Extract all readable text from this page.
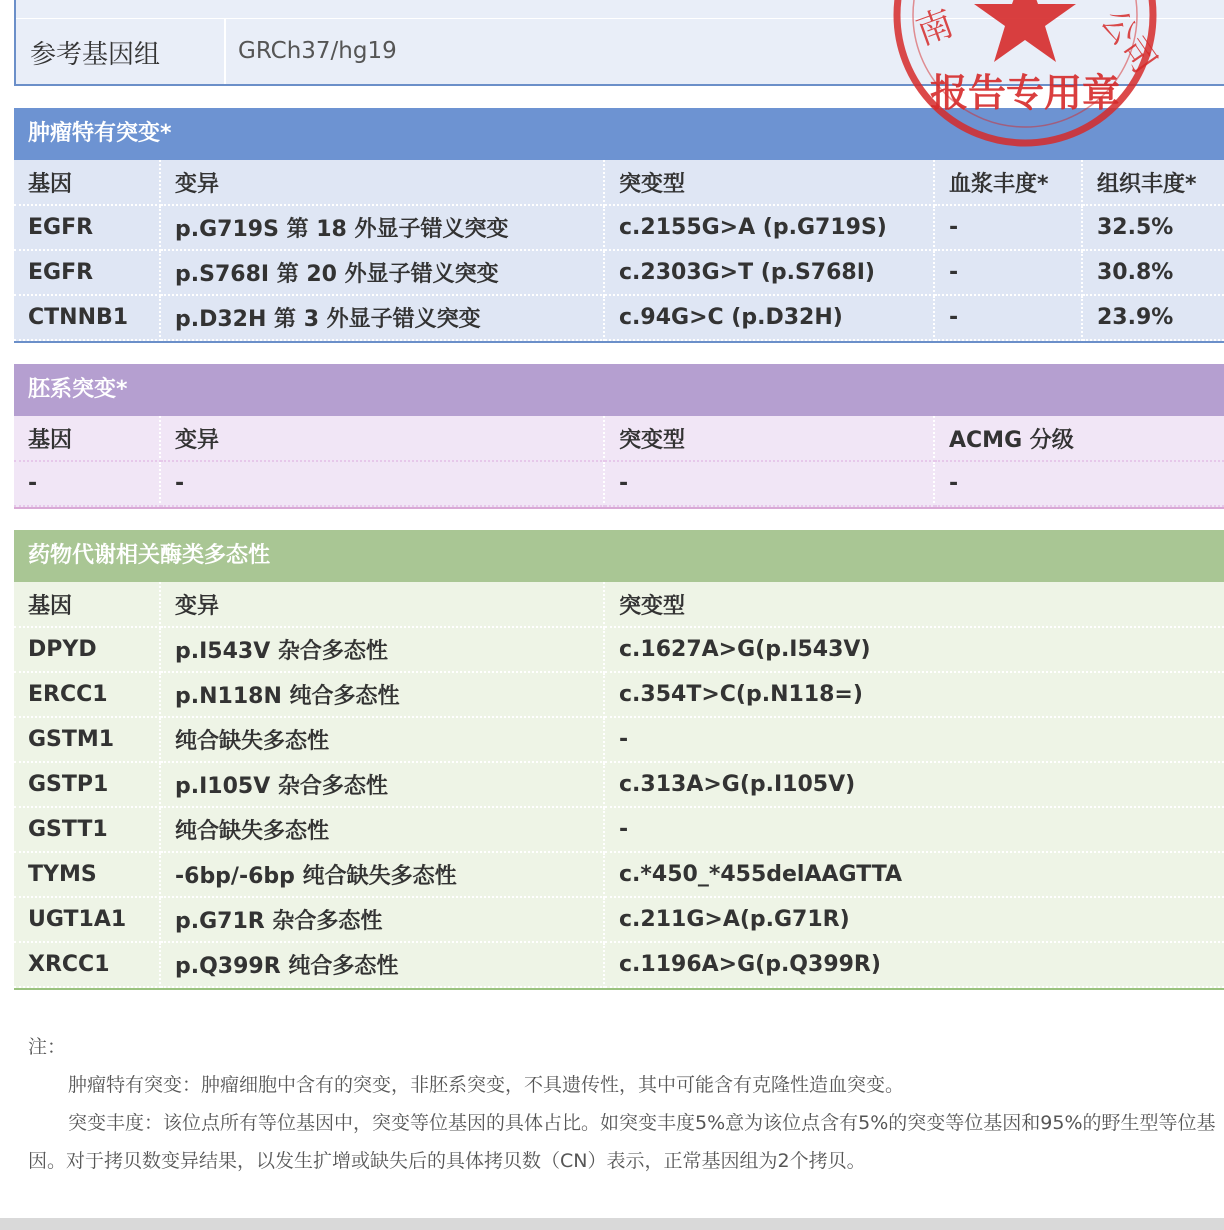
参考基因组	GRCh37/hg19
肿瘤特有突变*
基因	变异	突变型	血浆丰度*	组织丰度*
EGFR	p.G719S 第 18 外显子错义突变	c.2155G>A (p.G719S)	-	32.5%
EGFR	p.S768I 第 20 外显子错义突变	c.2303G>T (p.S768I)	-	30.8%
CTNNB1	p.D32H 第 3 外显子错义突变	c.94G>C (p.D32H)	-	23.9%
胚系突变*
基因	变异	突变型	ACMG 分级
-	-	-	-
药物代谢相关酶类多态性
基因	变异	突变型
DPYD	p.I543V 杂合多态性	c.1627A>G(p.I543V)
ERCC1	p.N118N 纯合多态性	c.354T>C(p.N118=)
GSTM1	纯合缺失多态性	-
GSTP1	p.I105V 杂合多态性	c.313A>G(p.I105V)
GSTT1	纯合缺失多态性	-
TYMS	-6bp/-6bp 纯合缺失多态性	c.*450_*455delAAGTTA
UGT1A1	p.G71R 杂合多态性	c.211G>A(p.G71R)
XRCC1	p.Q399R 纯合多态性	c.1196A>G(p.Q399R)
注：
肿瘤特有突变：肿瘤细胞中含有的突变，非胚系突变，不具遗传性，其中可能含有克隆性造血突变。
突变丰度：该位点所有等位基因中，突变等位基因的具体占比。如突变丰度5%意为该位点含有5%的突变等位基因和95%的野生型等位基因。对于拷贝数变异结果，以发生扩增或缺失后的具体拷贝数（CN）表示，正常基因组为2个拷贝。
南	公司
报告专用章
